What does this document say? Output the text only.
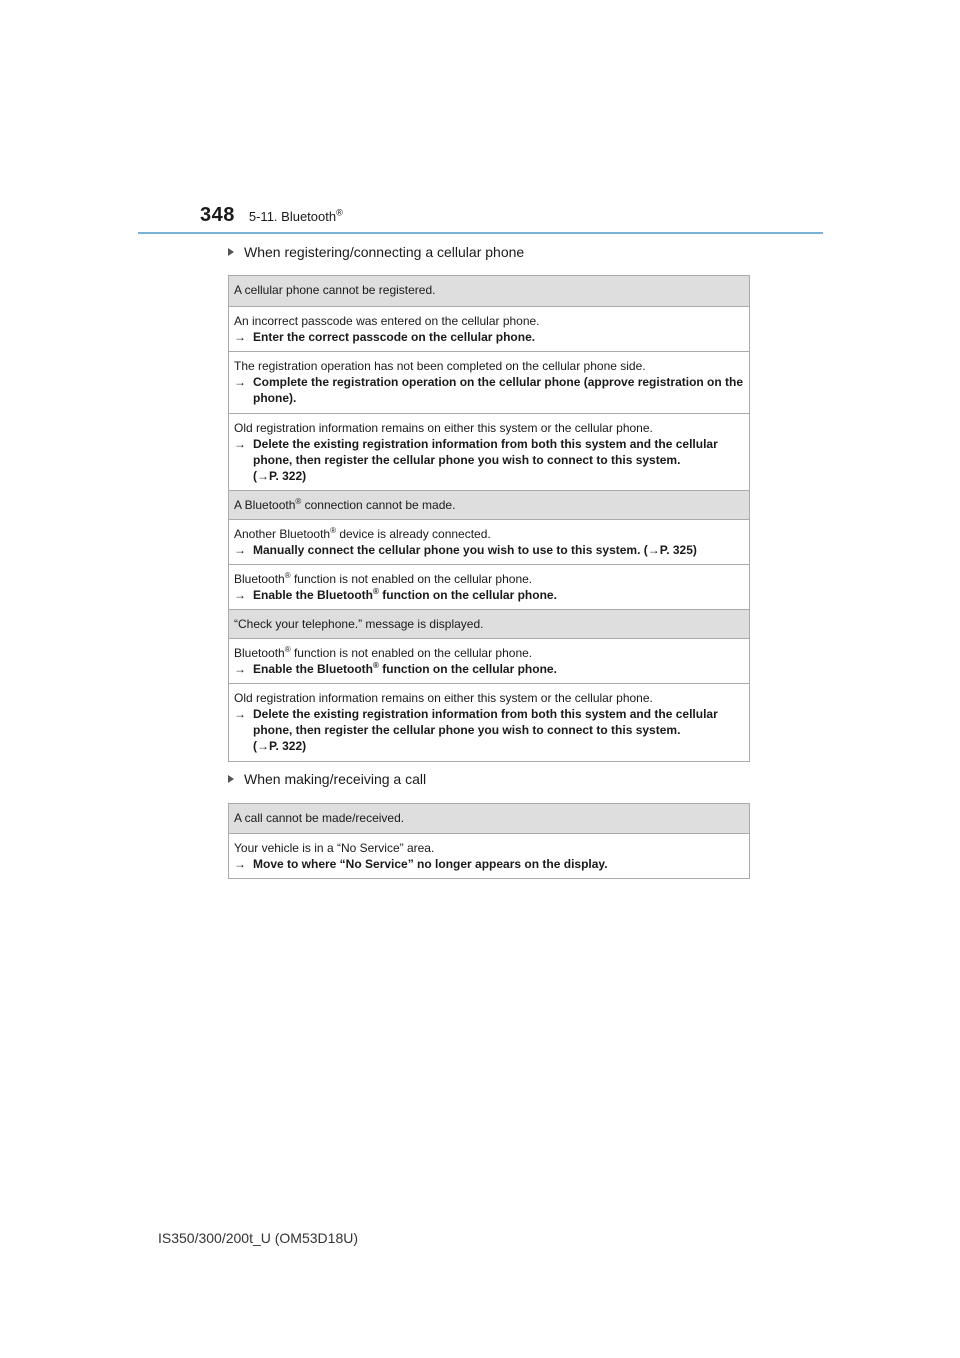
348 5-11. Bluetooth®
When registering/connecting a cellular phone
A cellular phone cannot be registered.
An incorrect passcode was entered on the cellular phone.
→ Enter the correct passcode on the cellular phone.
The registration operation has not been completed on the cellular phone side.
→ Complete the registration operation on the cellular phone (approve registration on the phone).
Old registration information remains on either this system or the cellular phone.
→ Delete the existing registration information from both this system and the cellular phone, then register the cellular phone you wish to connect to this system.
(→P. 322)
A Bluetooth® connection cannot be made.
Another Bluetooth® device is already connected.
→ Manually connect the cellular phone you wish to use to this system. (→P. 325)
Bluetooth® function is not enabled on the cellular phone.
→ Enable the Bluetooth® function on the cellular phone.
“Check your telephone.” message is displayed.
Bluetooth® function is not enabled on the cellular phone.
→ Enable the Bluetooth® function on the cellular phone.
Old registration information remains on either this system or the cellular phone.
→ Delete the existing registration information from both this system and the cellular phone, then register the cellular phone you wish to connect to this system.
(→P. 322)
When making/receiving a call
A call cannot be made/received.
Your vehicle is in a “No Service” area.
→ Move to where “No Service” no longer appears on the display.
IS350/300/200t_U (OM53D18U)
